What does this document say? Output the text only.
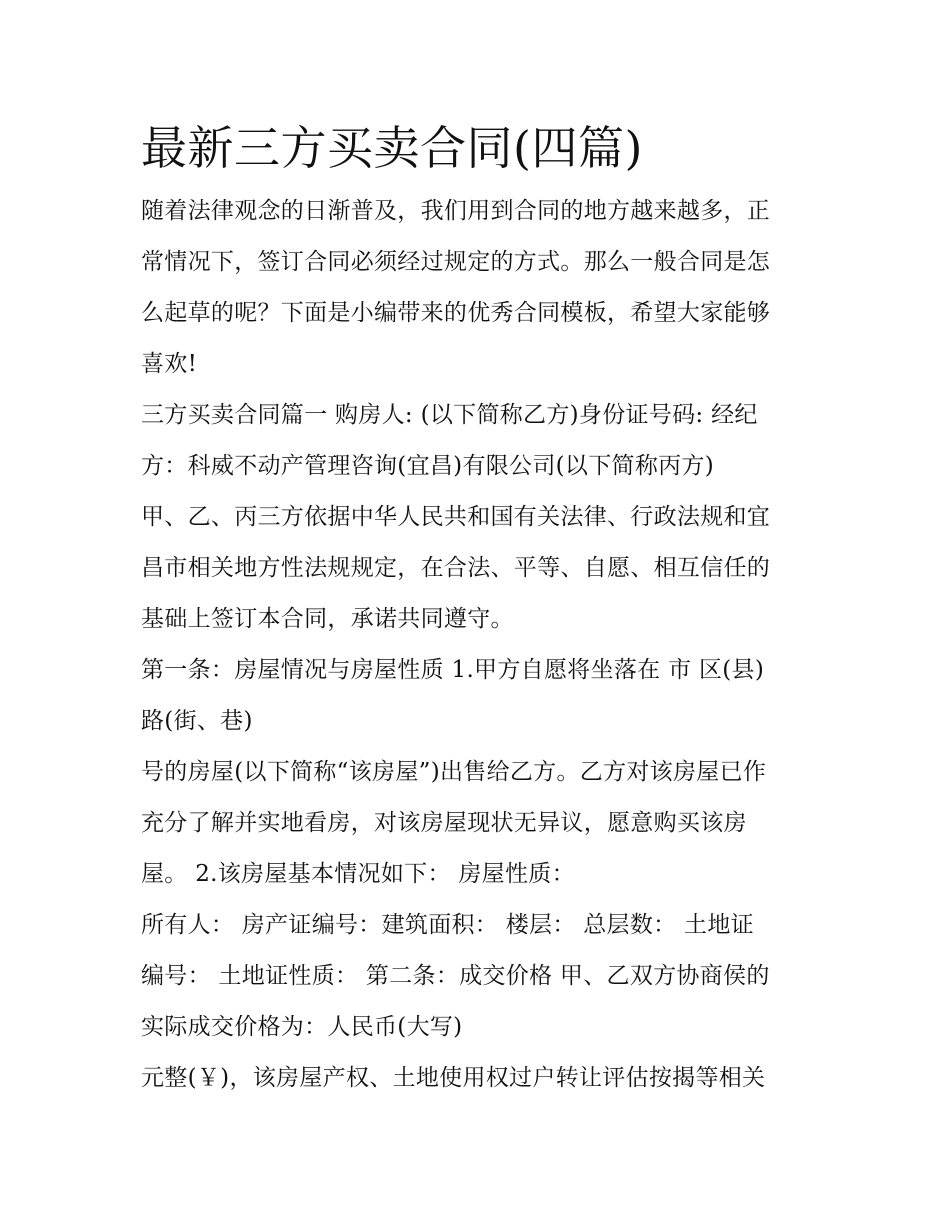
最新三方买卖合同(四篇)
随着法律观念的日渐普及，我们用到合同的地方越来越多，正
常情况下，签订合同必须经过规定的方式。那么一般合同是怎
么起草的呢？下面是小编带来的优秀合同模板，希望大家能够
喜欢!
三方买卖合同篇一 购房人: (以下简称乙方)身份证号码: 经纪
方：科威不动产管理咨询(宜昌)有限公司(以下简称丙方)
甲、乙、丙三方依据中华人民共和国有关法律、行政法规和宜
昌市相关地方性法规规定，在合法、平等、自愿、相互信任的
基础上签订本合同，承诺共同遵守。
第一条：房屋情况与房屋性质 1.甲方自愿将坐落在 市 区(县)
路(街、巷)
号的房屋(以下简称“该房屋”)出售给乙方。乙方对该房屋已作
充分了解并实地看房，对该房屋现状无异议，愿意购买该房
屋。 2.该房屋基本情况如下： 房屋性质：
所有人： 房产证编号：建筑面积： 楼层： 总层数： 土地证
编号： 土地证性质： 第二条：成交价格 甲、乙双方协商侯的
实际成交价格为：人民币(大写)
元整(￥)，该房屋产权、土地使用权过户转让评估按揭等相关
